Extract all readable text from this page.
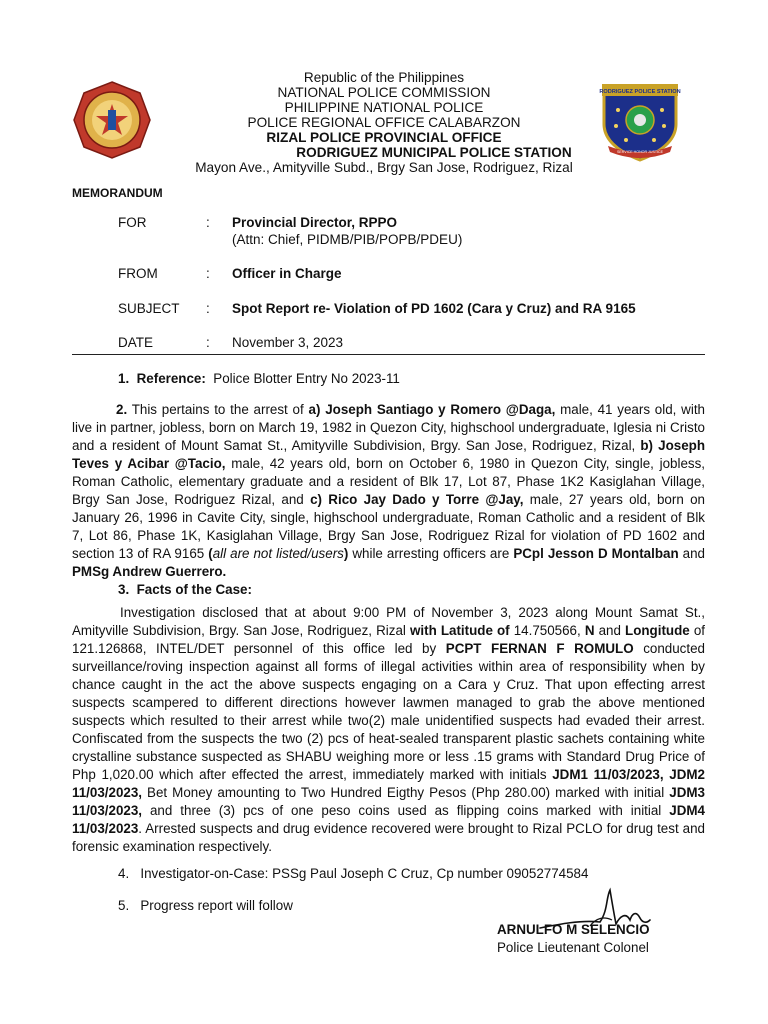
RODRIGUEZ POLICE STATION
SERVICE HONOR JUSTICE
Republic of the Philippines
NATIONAL POLICE COMMISSION
PHILIPPINE NATIONAL POLICE
POLICE REGIONAL OFFICE CALABARZON
RIZAL POLICE PROVINCIAL OFFICE
RODRIGUEZ MUNICIPAL POLICE STATION
Mayon Ave., Amityville Subd., Brgy San Jose, Rodriguez, Rizal
MEMORANDUM
FOR	: Provincial Director, RPPO
(Attn: Chief, PIDMB/PIB/POPB/PDEU)
FROM	: Officer in Charge
SUBJECT : Spot Report re- Violation of PD 1602 (Cara y Cruz) and RA 9165
DATE	: November 3, 2023
1. Reference: Police Blotter Entry No 2023-11
2. This pertains to the arrest of a) Joseph Santiago y Romero @Daga, male, 41 years old, with live in partner, jobless, born on March 19, 1982 in Quezon City, highschool undergraduate, Iglesia ni Cristo and a resident of Mount Samat St., Amityville Subdivision, Brgy. San Jose, Rodriguez, Rizal, b) Joseph Teves y Acibar @Tacio, male, 42 years old, born on October 6, 1980 in Quezon City, single, jobless, Roman Catholic, elementary graduate and a resident of Blk 17, Lot 87, Phase 1K2 Kasiglahan Village, Brgy San Jose, Rodriguez Rizal, and c) Rico Jay Dado y Torre @Jay, male, 27 years old, born on January 26, 1996 in Cavite City, single, highschool undergraduate, Roman Catholic and a resident of Blk 7, Lot 86, Phase 1K, Kasiglahan Village, Brgy San Jose, Rodriguez Rizal for violation of PD 1602 and section 13 of RA 9165 (all are not listed/users) while arresting officers are PCpl Jesson D Montalban and PMSg Andrew Guerrero.
3. Facts of the Case:
Investigation disclosed that at about 9:00 PM of November 3, 2023 along Mount Samat St., Amityville Subdivision, Brgy. San Jose, Rodriguez, Rizal with Latitude of 14.750566, N and Longitude of 121.126868, INTEL/DET personnel of this office led by PCPT FERNAN F ROMULO conducted surveillance/roving inspection against all forms of illegal activities within area of responsibility when by chance caught in the act the above suspects engaging on a Cara y Cruz. That upon effecting arrest suspects scampered to different directions however lawmen managed to grab the above mentioned suspects which resulted to their arrest while two(2) male unidentified suspects had evaded their arrest. Confiscated from the suspects the two (2) pcs of heat-sealed transparent plastic sachets containing white crystalline substance suspected as SHABU weighing more or less .15 grams with Standard Drug Price of Php 1,020.00 which after effected the arrest, immediately marked with initials JDM1 11/03/2023, JDM2 11/03/2023, Bet Money amounting to Two Hundred Eigthy Pesos (Php 280.00) marked with initial JDM3 11/03/2023, and three (3) pcs of one peso coins used as flipping coins marked with initial JDM4 11/03/2023. Arrested suspects and drug evidence recovered were brought to Rizal PCLO for drug test and forensic examination respectively.
4. Investigator-on-Case: PSSg Paul Joseph C Cruz, Cp number 09052774584
5. Progress report will follow
ARNULFO M SELENCIO
Police Lieutenant Colonel
